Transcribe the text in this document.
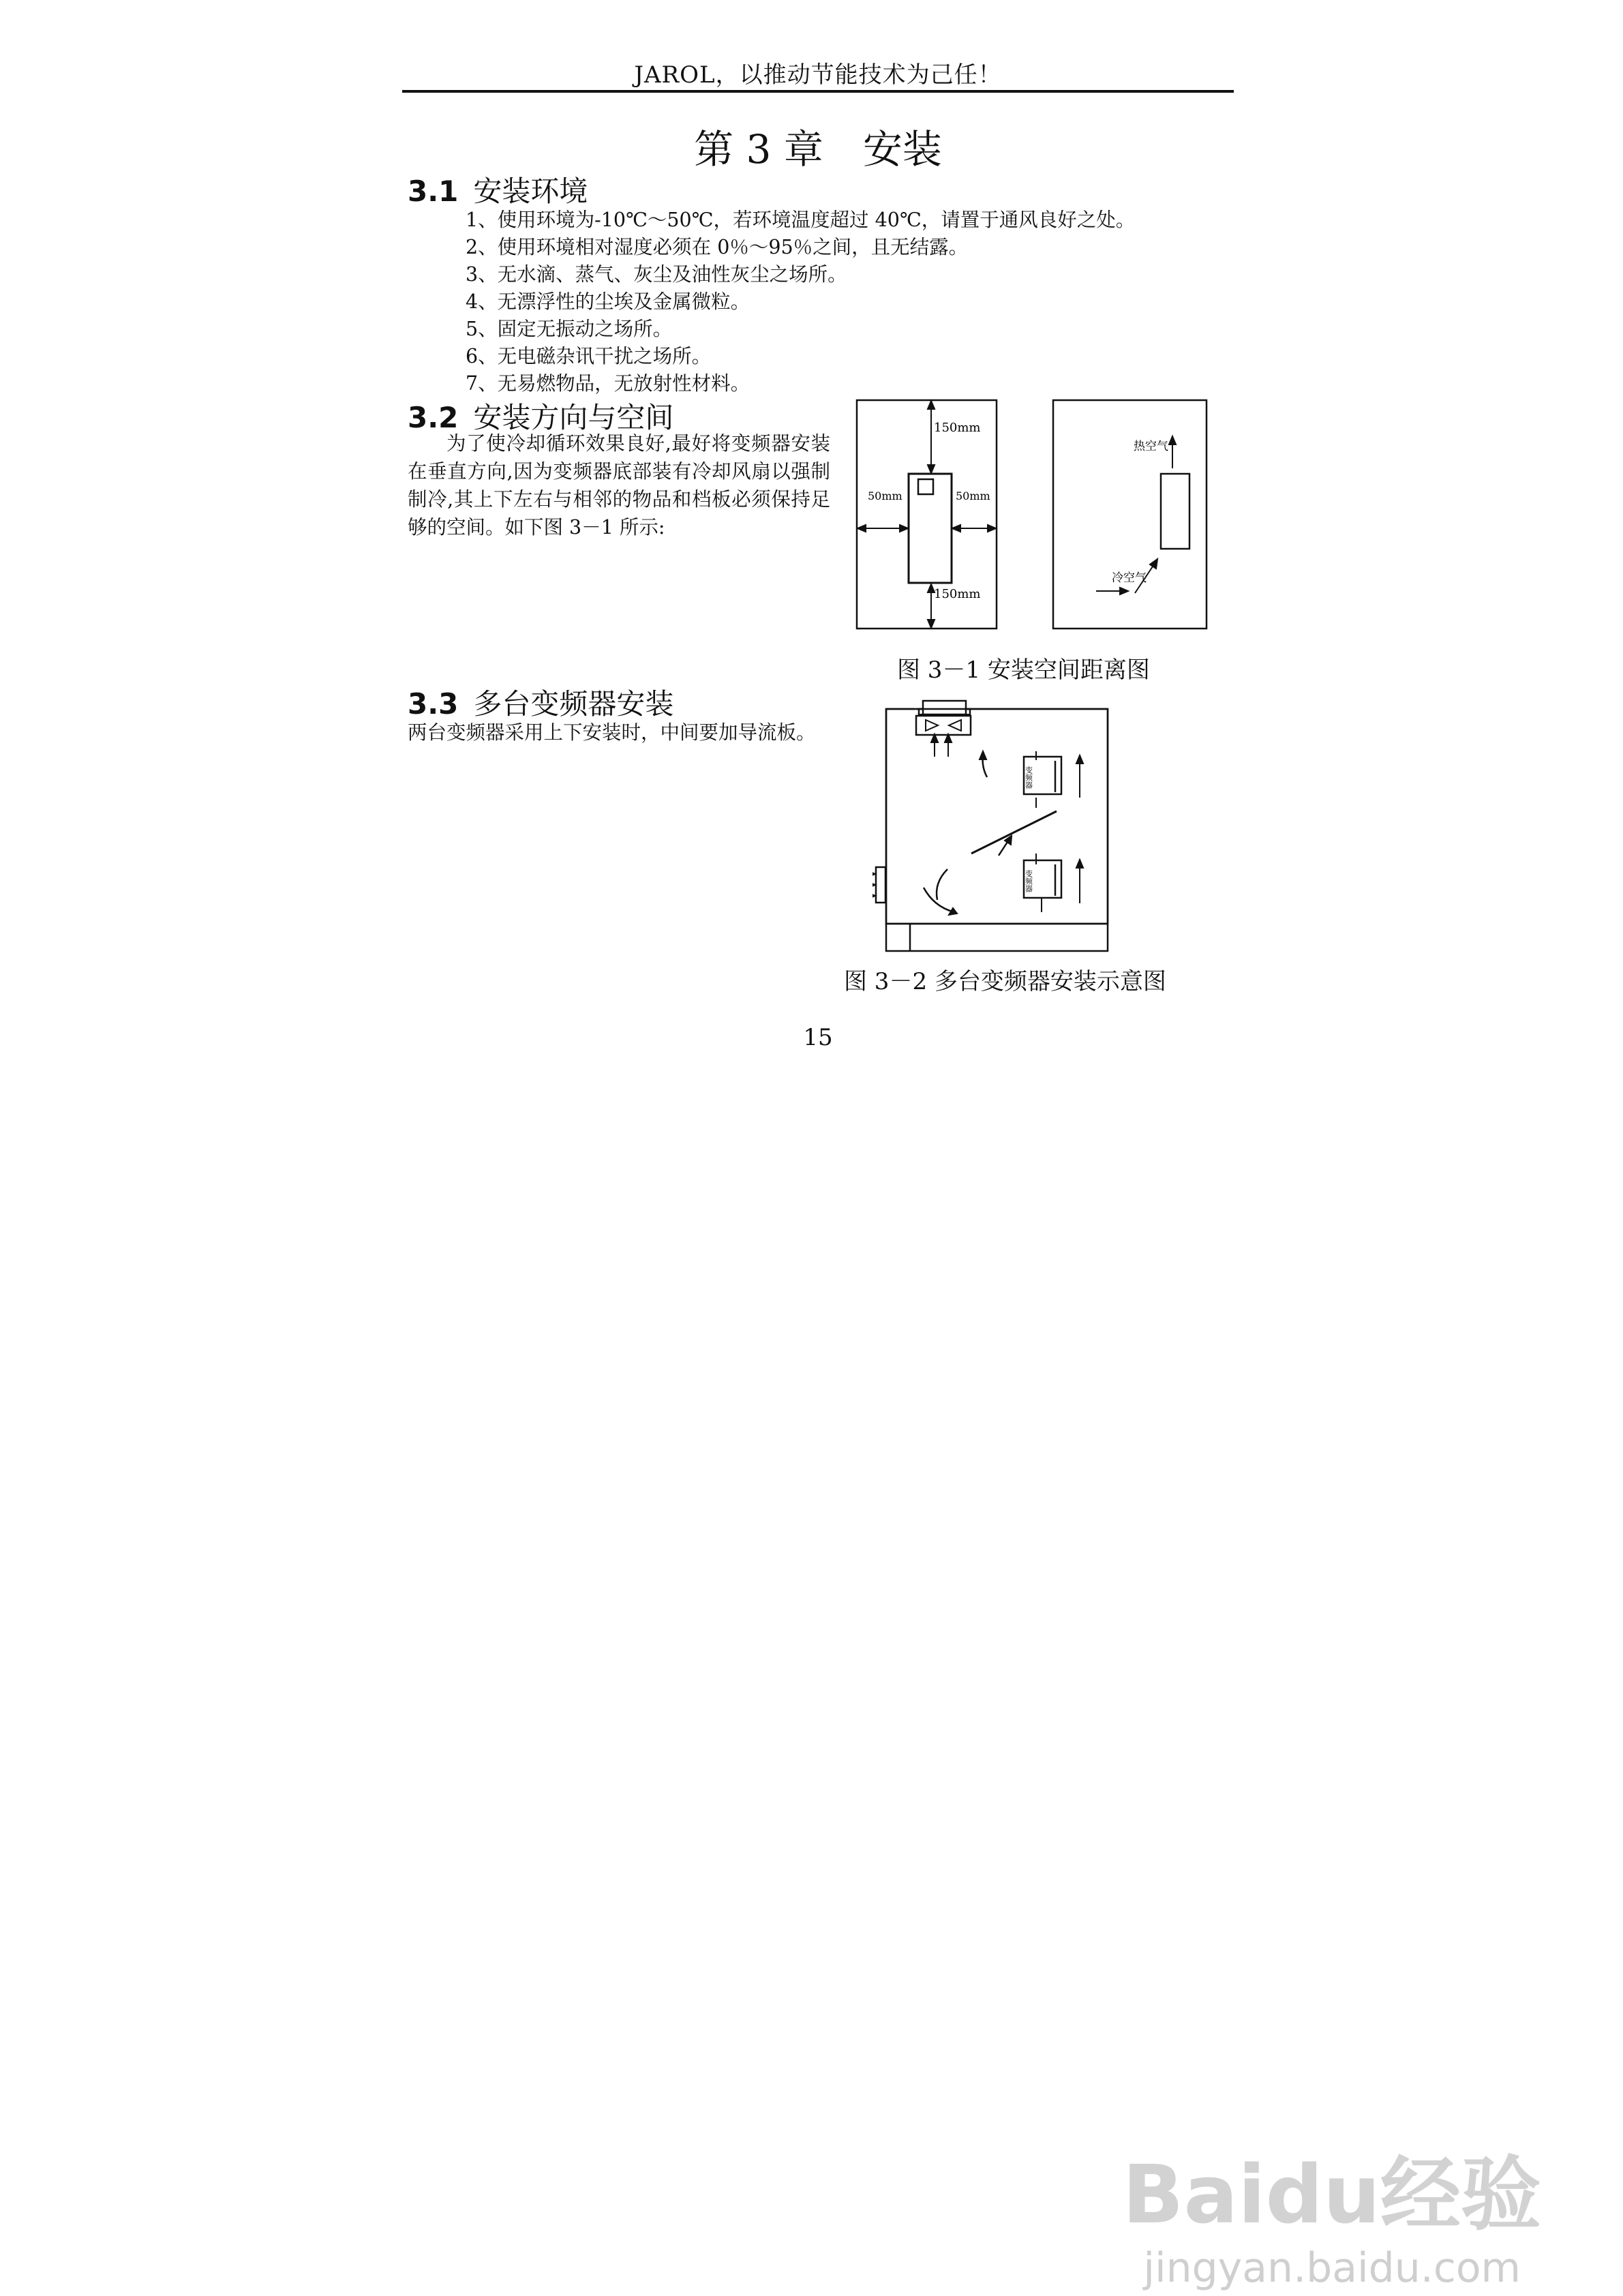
JAROL，以推动节能技术为己任！
第 3 章　安装
3.1 安装环境
1、使用环境为-10℃～50℃，若环境温度超过 40℃，请置于通风良好之处。
2、使用环境相对湿度必须在 0％～95％之间，且无结露。
3、无水滴、蒸气、灰尘及油性灰尘之场所。
4、无漂浮性的尘埃及金属微粒。
5、固定无振动之场所。
6、无电磁杂讯干扰之场所。
7、无易燃物品，无放射性材料。
3.2 安装方向与空间
为了使冷却循环效果良好,最好将变频器安装在垂直方向,因为变频器底部装有冷却风扇以强制制冷,其上下左右与相邻的物品和档板必须保持足够的空间。如下图 3－1 所示:
150mm
150mm
50mm	50mm
热空气
冷空气
图 3－1 安装空间距离图
3.3 多台变频器安装
两台变频器采用上下安装时，中间要加导流板。
变频器
变频器
图 3－2 多台变频器安装示意图
15
Baidu经验
jingyan.baidu.com
